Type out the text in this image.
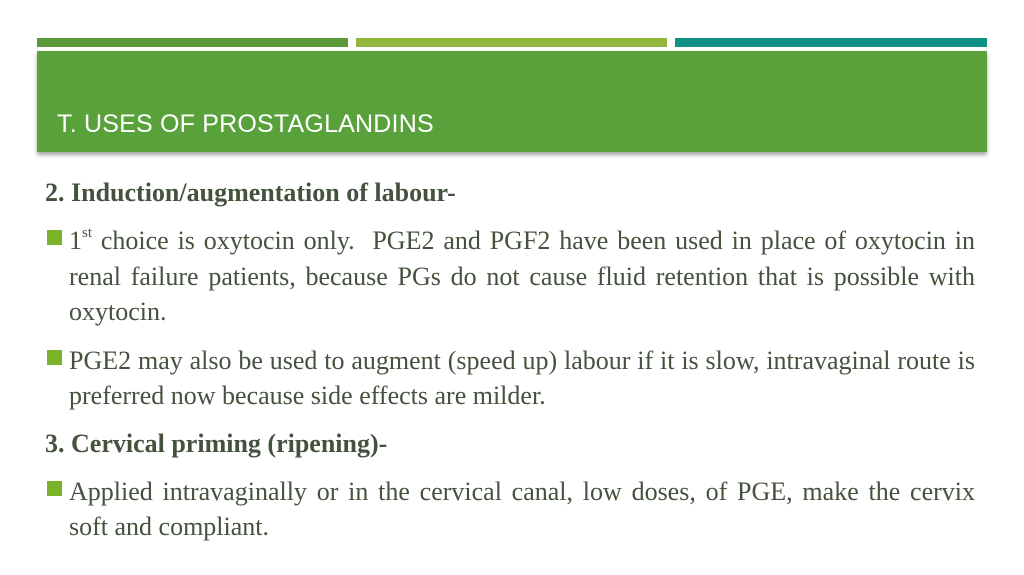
T. USES OF PROSTAGLANDINS
2. Induction/augmentation of labour-
1st choice is oxytocin only.  PGE2 and PGF2 have been used in place of oxytocin in renal failure patients, because PGs do not cause fluid retention that is possible with oxytocin.
PGE2 may also be used to augment (speed up) labour if it is slow, intravaginal route is preferred now because side effects are milder.
3. Cervical priming (ripening)-
Applied intravaginally or in the cervical canal, low doses, of PGE, make the cervix soft and compliant.
